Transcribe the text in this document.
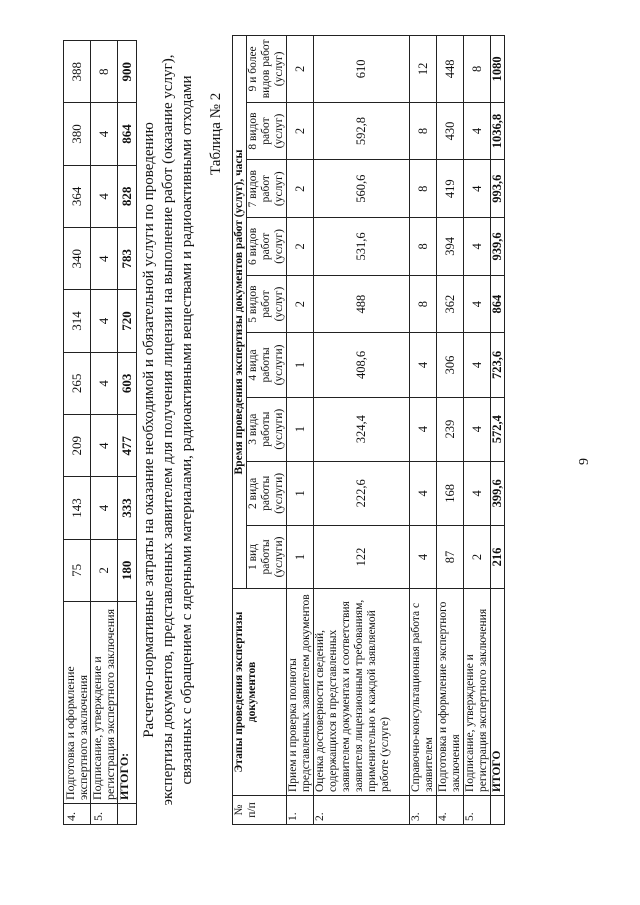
4.	Подготовка и оформление экспертного заключения	75	143	209	265	314	340	364	380	388
5.	Подписание, утверждение и регистрация экспертного заключения	2	4	4	4	4	4	4	4	8
	ИТОГО:	180	333	477	603	720	783	828	864	900
9
Расчетно-нормативные затраты на оказание необходимой и обязательной услуги по проведению экспертизы документов, представленных заявителем для получения лицензии на выполнение работ (оказание услуг), связанных с обращением с ядерными материалами, радиоактивными веществами и радиоактивными отходами Таблица № 2
№ п/п	Этапы проведения экспертизы документов	Время проведения экспертизы документов работ (услуг), часы								
		1 вид работы (услуги)	2 вида работы (услуги)	3 вида работы (услуги)	4 вида работы (услуги)	5 видов работ (услуг)	6 видов работ (услуг)	7 видов работ (услуг)	8 видов работ (услуг)	9 и более видов работ (услуг)
1.	Прием и проверка полноты представленных заявителем документов	1	1	1	1	2	2	2	2	2
2.	Оценка достоверности сведений, содержащихся в представленных заявителем документах и соответствия заявителя лицензионным требованиям, применительно к каждой заявляемой работе (услуге)	122	222,6	324,4	408,6	488	531,6	560,6	592,8	610
3.	Справочно-консультационная работа с заявителем	4	4	4	4	8	8	8	8	12
4.	Подготовка и оформление экспертного заключения	87	168	239	306	362	394	419	430	448
5.	Подписание, утверждение и регистрация экспертного заключения	2	4	4	4	4	4	4	4	8
	ИТОГО	216	399,6	572,4	723,6	864	939,6	993,6	1036,8	1080
